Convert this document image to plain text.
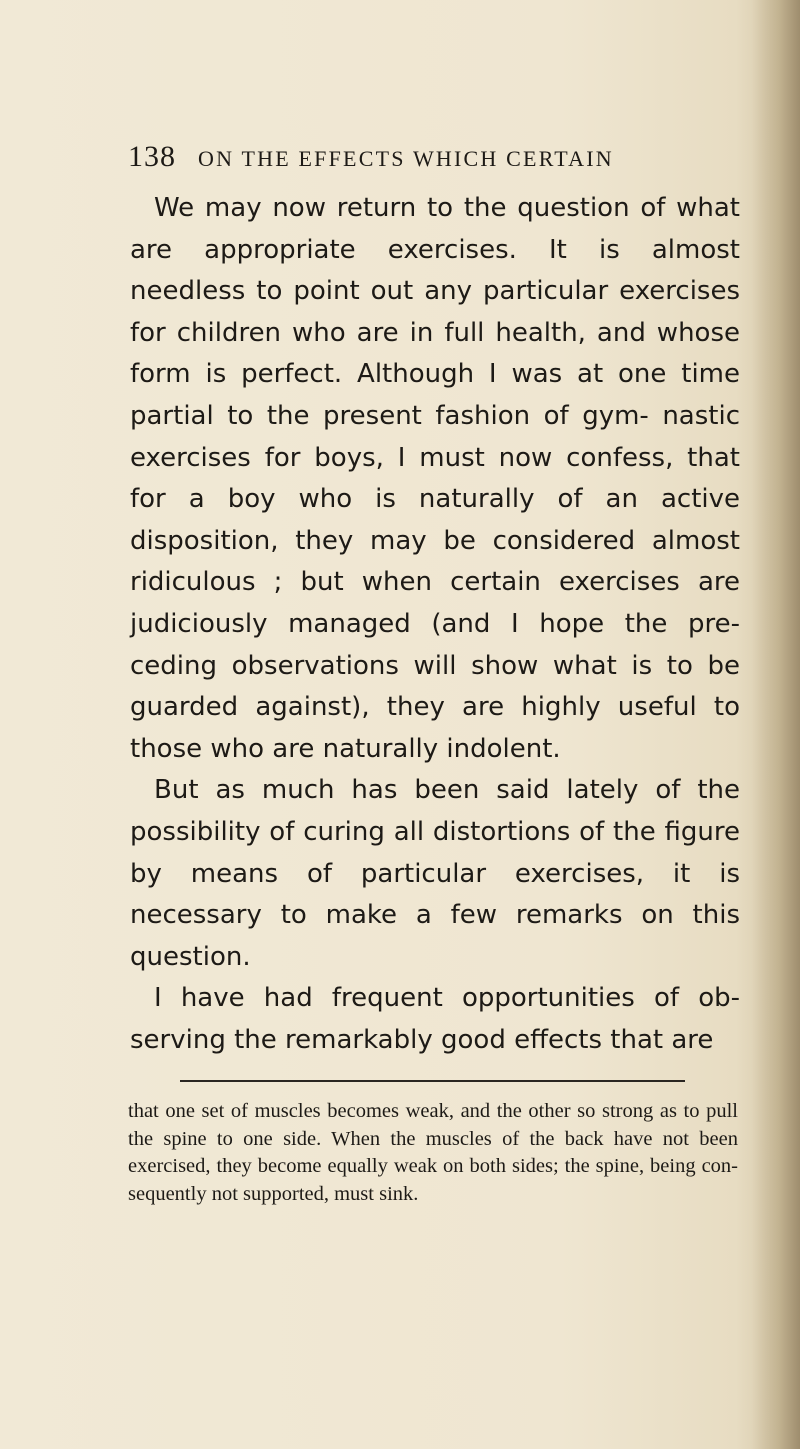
138 ON THE EFFECTS WHICH CERTAIN

We may now return to the question of what are appropriate exercises. It is almost needless to point out any particular exercises for children who are in full health, and whose form is perfect. Although I was at one time partial to the present fashion of gym- nastic exercises for boys, I must now confess, that for a boy who is naturally of an active disposition, they may be considered almost ridiculous ; but when certain exercises are judiciously managed (and I hope the pre- ceding observations will show what is to be guarded against), they are highly useful to those who are naturally indolent.

But as much has been said lately of the possibility of curing all distortions of the figure by means of particular exercises, it is necessary to make a few remarks on this question.

I have had frequent opportunities of ob- serving the remarkably good effects that are

that one set of muscles becomes weak, and the other so strong as to pull the spine to one side. When the muscles of the back have not been exercised, they become equally weak on both sides; the spine, being con- sequently not supported, must sink.
